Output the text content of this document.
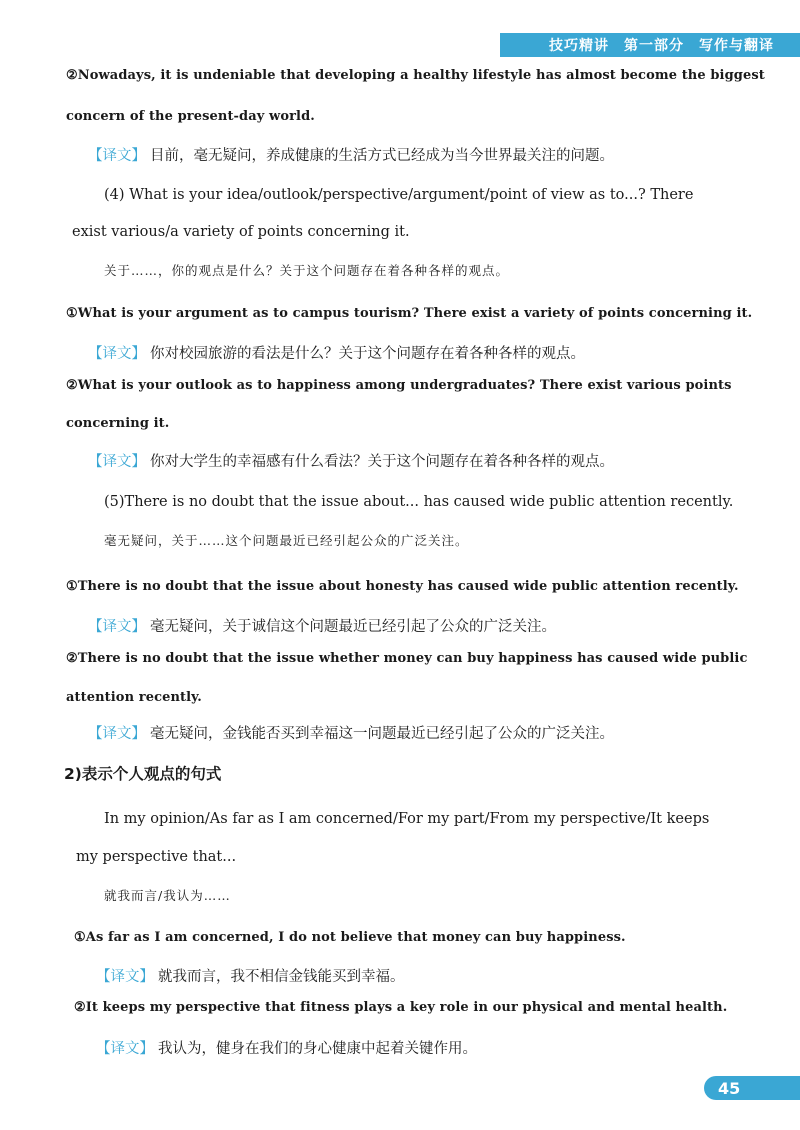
技巧精讲　第一部分　写作与翻译
②Nowadays, it is undeniable that developing a healthy lifestyle has almost become the biggest
concern of the present-day world.
【译文】 目前，毫无疑问，养成健康的生活方式已经成为当今世界最关注的问题。
(4) What is your idea/outlook/perspective/argument/point of view as to...? There
exist various/a variety of points concerning it.
关于……，你的观点是什么？关于这个问题存在着各种各样的观点。
①What is your argument as to campus tourism? There exist a variety of points concerning it.
【译文】 你对校园旅游的看法是什么？关于这个问题存在着各种各样的观点。
②What is your outlook as to happiness among undergraduates? There exist various points
concerning it.
【译文】 你对大学生的幸福感有什么看法？关于这个问题存在着各种各样的观点。
(5)There is no doubt that the issue about... has caused wide public attention recently.
毫无疑问，关于……这个问题最近已经引起公众的广泛关注。
①There is no doubt that the issue about honesty has caused wide public attention recently.
【译文】 毫无疑问，关于诚信这个问题最近已经引起了公众的广泛关注。
②There is no doubt that the issue whether money can buy happiness has caused wide public
attention recently.
【译文】 毫无疑问，金钱能否买到幸福这一问题最近已经引起了公众的广泛关注。
2)表示个人观点的句式
In my opinion/As far as I am concerned/For my part/From my perspective/It keeps
my perspective that...
就我而言/我认为……
①As far as I am concerned, I do not believe that money can buy happiness.
【译文】 就我而言，我不相信金钱能买到幸福。
②It keeps my perspective that fitness plays a key role in our physical and mental health.
【译文】 我认为，健身在我们的身心健康中起着关键作用。
45
